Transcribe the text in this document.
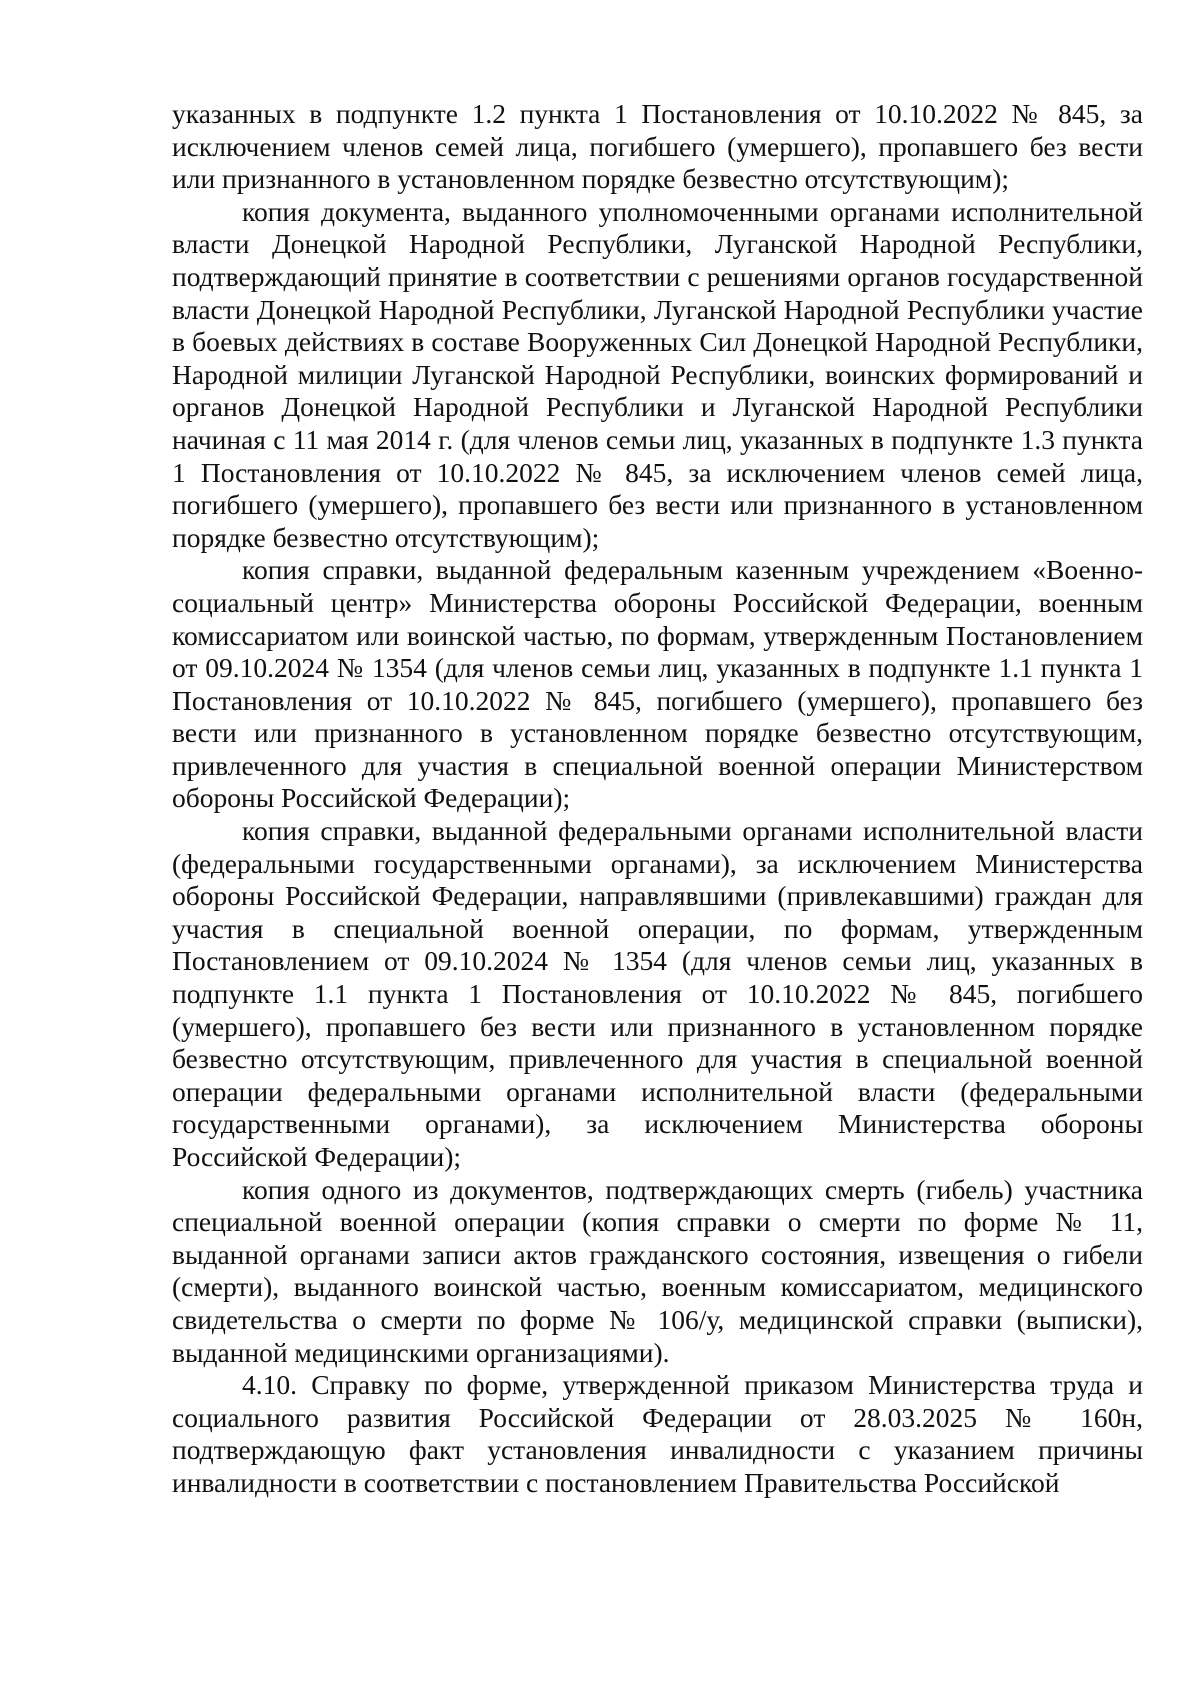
указанных в подпункте 1.2 пункта 1 Постановления от 10.10.2022 № 845, за исключением членов семей лица, погибшего (умершего), пропавшего без вести или признанного в установленном порядке безвестно отсутствующим);

копия документа, выданного уполномоченными органами исполнительной власти Донецкой Народной Республики, Луганской Народной Республики, подтверждающий принятие в соответствии с решениями органов государственной власти Донецкой Народной Республики, Луганской Народной Республики участие в боевых действиях в составе Вооруженных Сил Донецкой Народной Республики, Народной милиции Луганской Народной Республики, воинских формирований и органов Донецкой Народной Республики и Луганской Народной Республики начиная с 11 мая 2014 г. (для членов семьи лиц, указанных в подпункте 1.3 пункта 1 Постановления от 10.10.2022 № 845, за исключением членов семей лица, погибшего (умершего), пропавшего без вести или признанного в установленном порядке безвестно отсутствующим);

копия справки, выданной федеральным казенным учреждением «Военно-социальный центр» Министерства обороны Российской Федерации, военным комиссариатом или воинской частью, по формам, утвержденным Постановлением от 09.10.2024 № 1354 (для членов семьи лиц, указанных в подпункте 1.1 пункта 1 Постановления от 10.10.2022 № 845, погибшего (умершего), пропавшего без вести или признанного в установленном порядке безвестно отсутствующим, привлеченного для участия в специальной военной операции Министерством обороны Российской Федерации);

копия справки, выданной федеральными органами исполнительной власти (федеральными государственными органами), за исключением Министерства обороны Российской Федерации, направлявшими (привлекавшими) граждан для участия в специальной военной операции, по формам, утвержденным Постановлением от 09.10.2024 № 1354 (для членов семьи лиц, указанных в подпункте 1.1 пункта 1 Постановления от 10.10.2022 № 845, погибшего (умершего), пропавшего без вести или признанного в установленном порядке безвестно отсутствующим, привлеченного для участия в специальной военной операции федеральными органами исполнительной власти (федеральными государственными органами), за исключением Министерства обороны Российской Федерации);

копия одного из документов, подтверждающих смерть (гибель) участника специальной военной операции (копия справки о смерти по форме № 11, выданной органами записи актов гражданского состояния, извещения о гибели (смерти), выданного воинской частью, военным комиссариатом, медицинского свидетельства о смерти по форме № 106/у, медицинской справки (выписки), выданной медицинскими организациями).

4.10. Справку по форме, утвержденной приказом Министерства труда и социального развития Российской Федерации от 28.03.2025 № 160н, подтверждающую факт установления инвалидности с указанием причины инвалидности в соответствии с постановлением Правительства Российской
